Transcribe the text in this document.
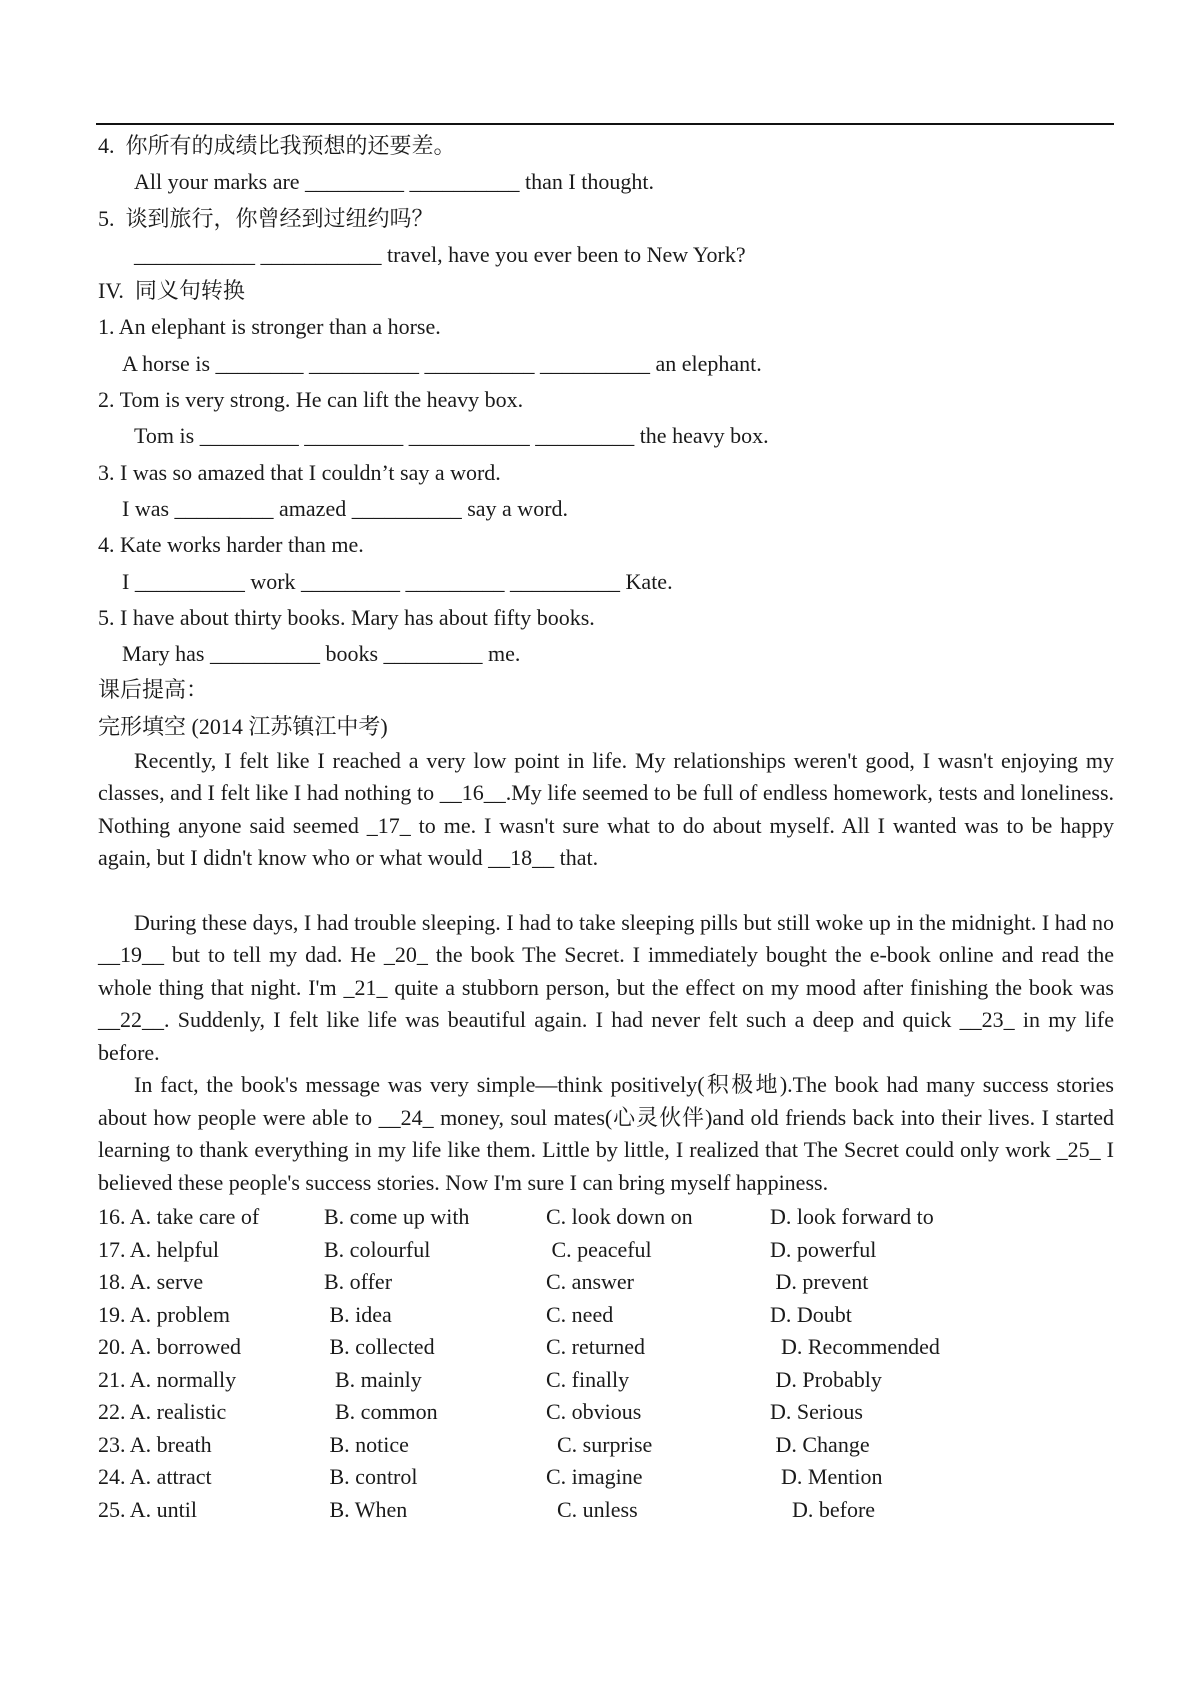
4.  你所有的成绩比我预想的还要差。
All your marks are _________ __________ than I thought.
5.  谈到旅行，你曾经到过纽约吗？
___________ ___________ travel, have you ever been to New York?
IV.  同义句转换
1. An elephant is stronger than a horse.
A horse is ________ __________ __________ __________ an elephant.
2. Tom is very strong. He can lift the heavy box.
Tom is _________ _________ ___________ _________ the heavy box.
3. I was so amazed that I couldn’t say a word.
I was _________ amazed __________ say a word.
4. Kate works harder than me.
I __________ work _________ _________ __________ Kate.
5. I have about thirty books. Mary has about fifty books.
Mary has __________ books _________ me.
课后提高：
完形填空 (2014 江苏镇江中考)

Recently, I felt like I reached a very low point in life. My relationships weren't good, I wasn't enjoying my classes, and I felt like I had nothing to __16__.My life seemed to be full of endless homework, tests and loneliness. Nothing anyone said seemed _17_ to me. I wasn't sure what to do about myself. All I wanted was to be happy again, but I didn't know who or what would __18__ that.

During these days, I had trouble sleeping. I had to take sleeping pills but still woke up in the midnight. I had no __19__ but to tell my dad. He _20_ the book The Secret. I immediately bought the e-book online and read the whole thing that night. I'm _21_ quite a stubborn person, but the effect on my mood after finishing the book was __22__. Suddenly, I felt like life was beautiful again. I had never felt such a deep and quick __23_ in my life before.

In fact, the book's message was very simple—think positively(积极地).The book had many success stories about how people were able to __24_ money, soul mates(心灵伙伴)and old friends back into their lives. I started learning to thank everything in my life like them. Little by little, I realized that The Secret could only work _25_ I believed these people's success stories. Now I'm sure I can bring myself happiness.

16. A. take care of	B. come up with	C. look down on	D. look forward to
17. A. helpful	B. colourful	C. peaceful	D. powerful
18. A. serve	B. offer	C. answer	D. prevent
19. A. problem	B. idea	C. need	D. Doubt
20. A. borrowed	B. collected	C. returned	D. Recommended
21. A. normally	B. mainly	C. finally	D. Probably
22. A. realistic	B. common	C. obvious	D. Serious
23. A. breath	B. notice	C. surprise	D. Change
24. A. attract	B. control	C. imagine	D. Mention
25. A. until	B. When	C. unless	D. before
